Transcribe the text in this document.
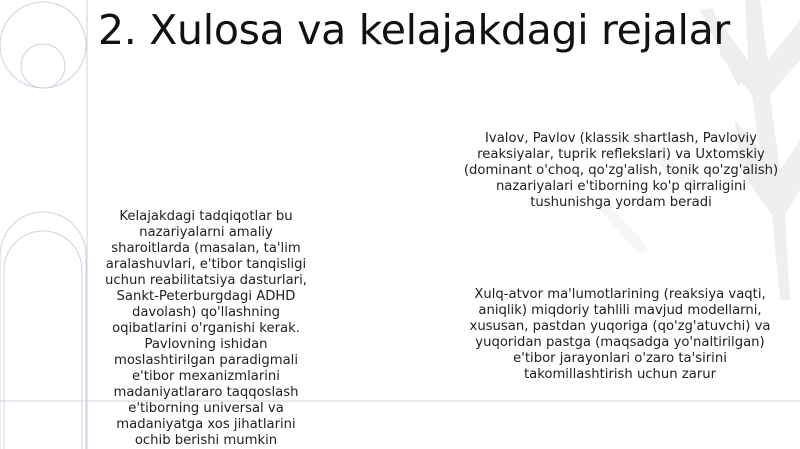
2. Xulosa va kelajakdagi rejalar
Kelajakdagi tadqiqotlar bu nazariyalarni amaliy sharoitlarda (masalan, ta'lim aralashuvlari, e'tibor tanqisligi uchun reabilitatsiya dasturlari, Sankt-Peterburgdagi ADHD davolash) qo'llashning oqibatlarini o'rganishi kerak. Pavlovning ishidan moslashtirilgan paradigmali e'tibor mexanizmlarini madaniyatlararo taqqoslash e'tiborning universal va madaniyatga xos jihatlarini ochib berishi mumkin
Ivalov, Pavlov (klassik shartlash, Pavloviy reaksiyalar, tuprik reflekslari) va Uxtomskiy (dominant o'choq, qo'zg'alish, tonik qo'zg'alish) nazariyalari e'tiborning ko'p qirraligini tushunishga yordam beradi
Xulq-atvor ma'lumotlarining (reaksiya vaqti, aniqlik) miqdoriy tahlili mavjud modellarni, xususan, pastdan yuqoriga (qo'zg'atuvchi) va yuqoridan pastga (maqsadga yo'naltirilgan) e'tibor jarayonlari o'zaro ta'sirini takomillashtirish uchun zarur
